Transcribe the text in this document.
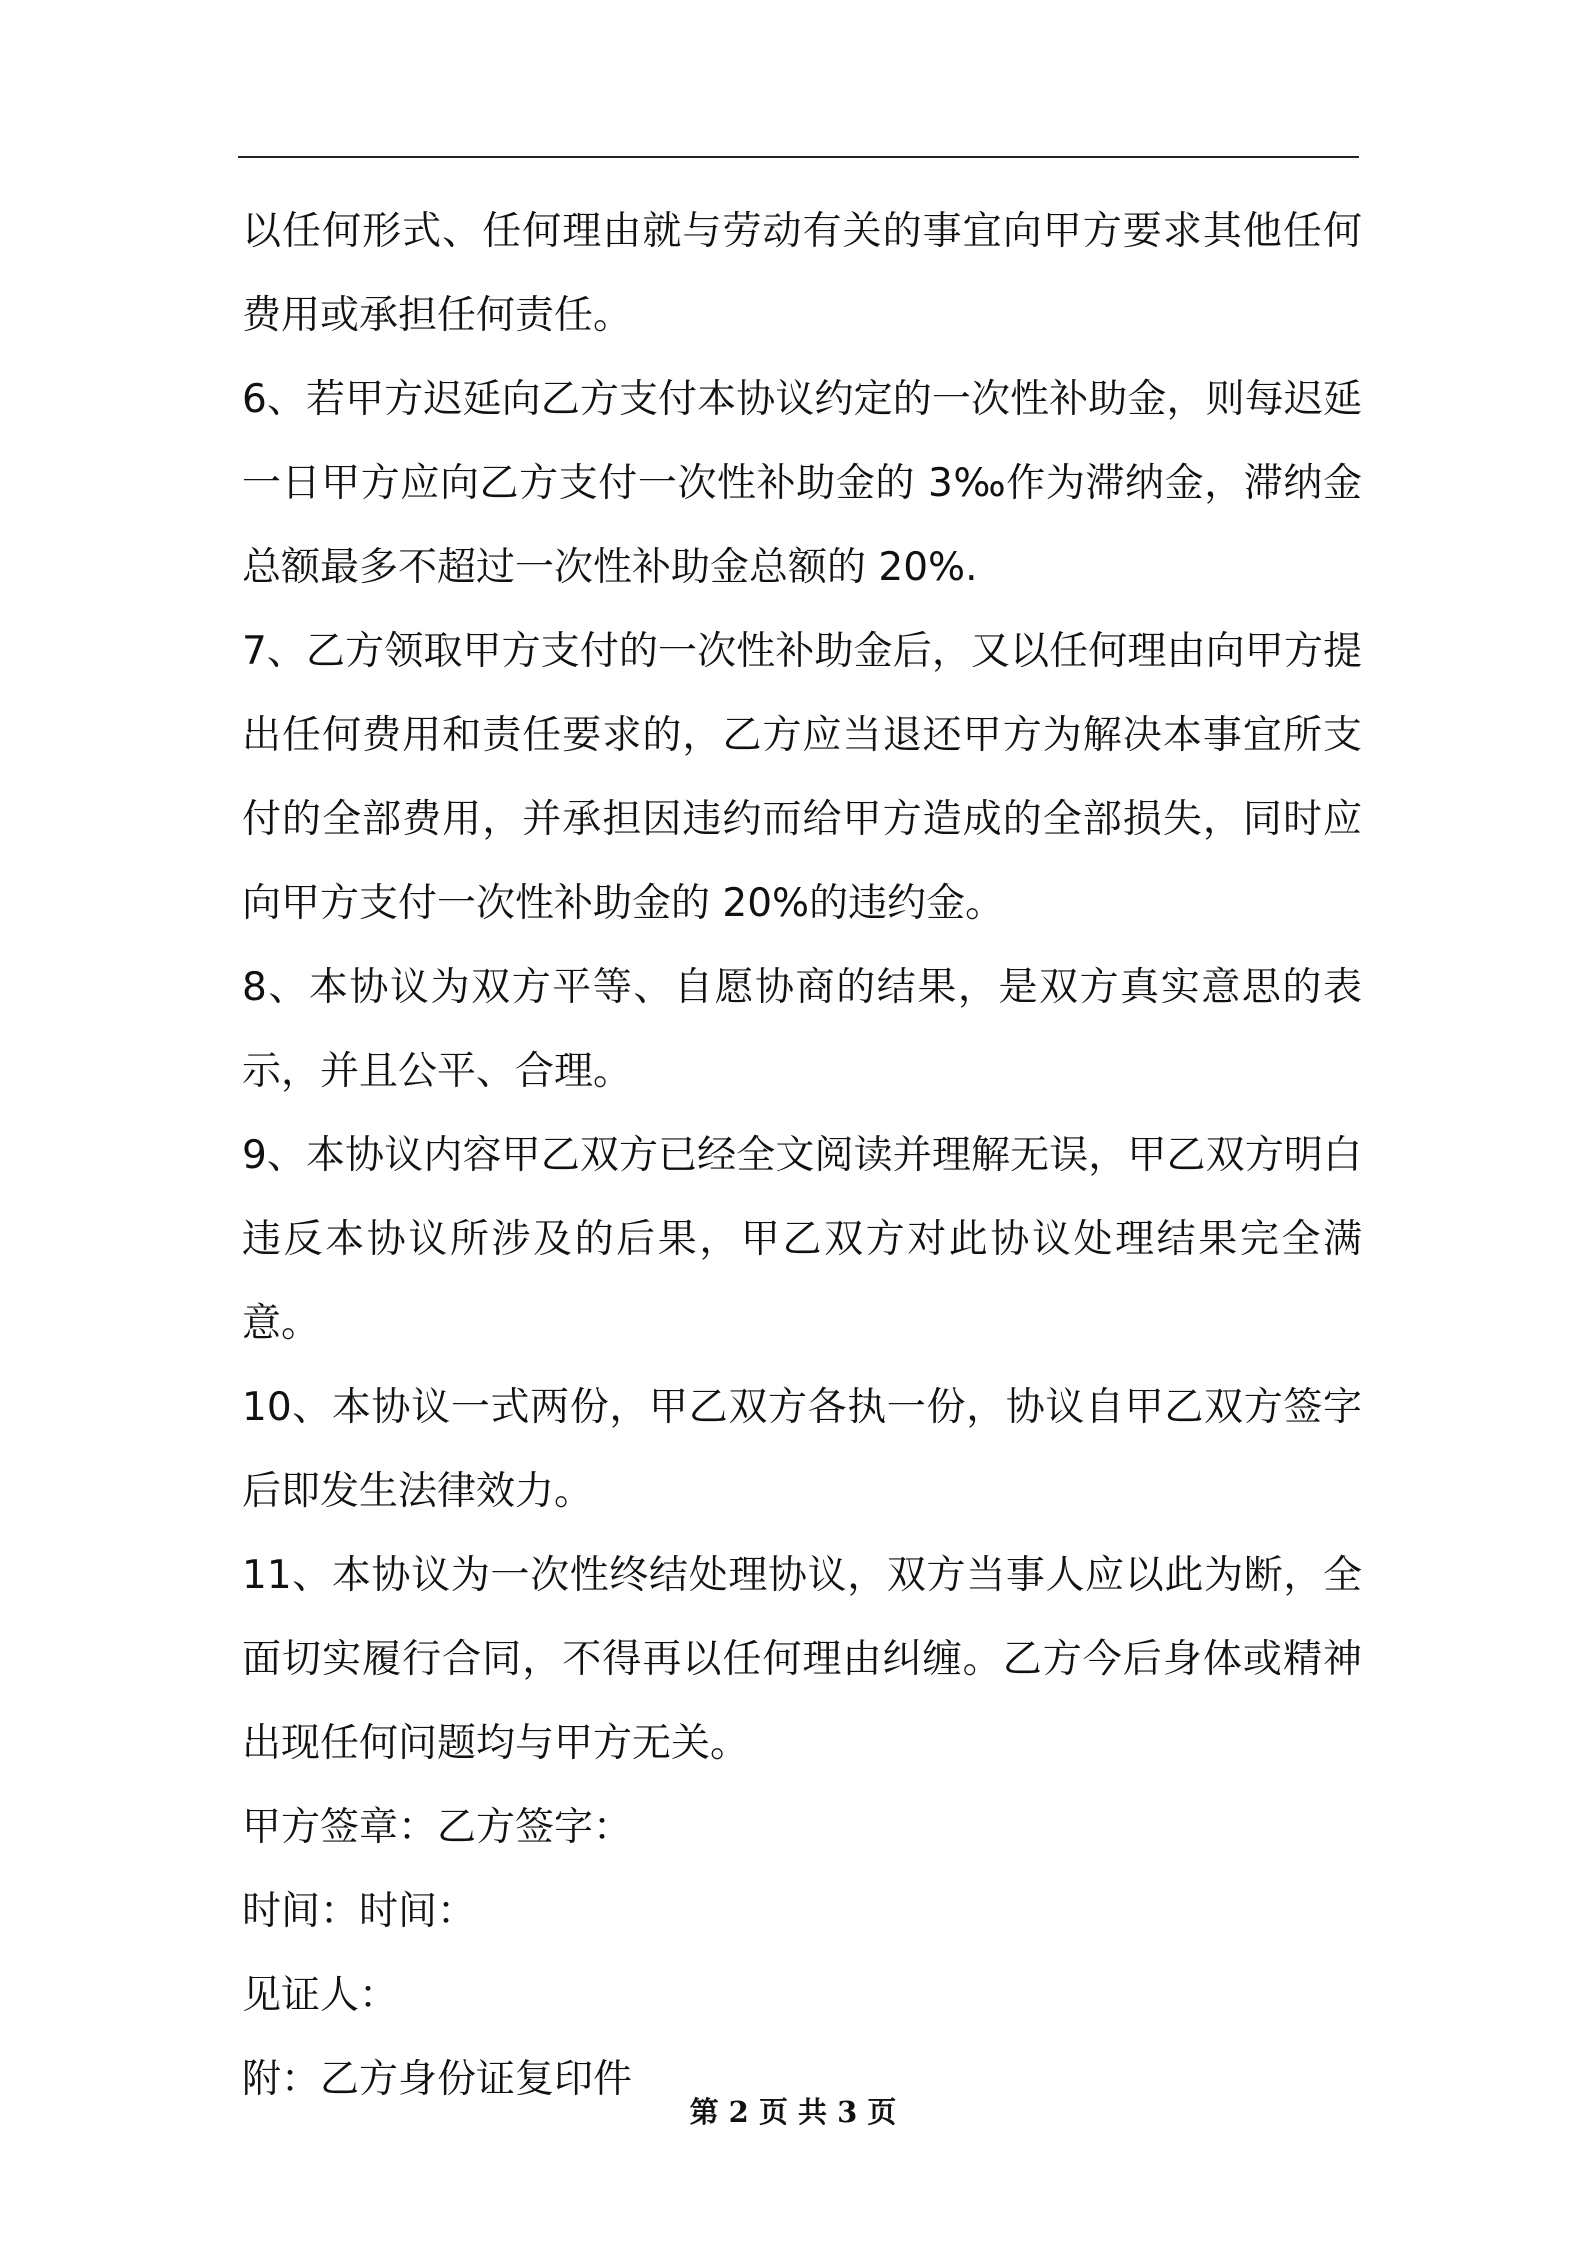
以任何形式、任何理由就与劳动有关的事宜向甲方要求其他任何费用或承担任何责任。

6、若甲方迟延向乙方支付本协议约定的一次性补助金，则每迟延一日甲方应向乙方支付一次性补助金的 3‰作为滞纳金，滞纳金总额最多不超过一次性补助金总额的 20%.

7、乙方领取甲方支付的一次性补助金后，又以任何理由向甲方提出任何费用和责任要求的，乙方应当退还甲方为解决本事宜所支付的全部费用，并承担因违约而给甲方造成的全部损失，同时应向甲方支付一次性补助金的 20%的违约金。

8、本协议为双方平等、自愿协商的结果，是双方真实意思的表示，并且公平、合理。

9、本协议内容甲乙双方已经全文阅读并理解无误，甲乙双方明白违反本协议所涉及的后果，甲乙双方对此协议处理结果完全满意。

10、本协议一式两份，甲乙双方各执一份，协议自甲乙双方签字后即发生法律效力。

11、本协议为一次性终结处理协议，双方当事人应以此为断，全面切实履行合同，不得再以任何理由纠缠。乙方今后身体或精神出现任何问题均与甲方无关。

甲方签章：乙方签字：

时间：时间：

见证人：

附：乙方身份证复印件

第 2 页 共 3 页
